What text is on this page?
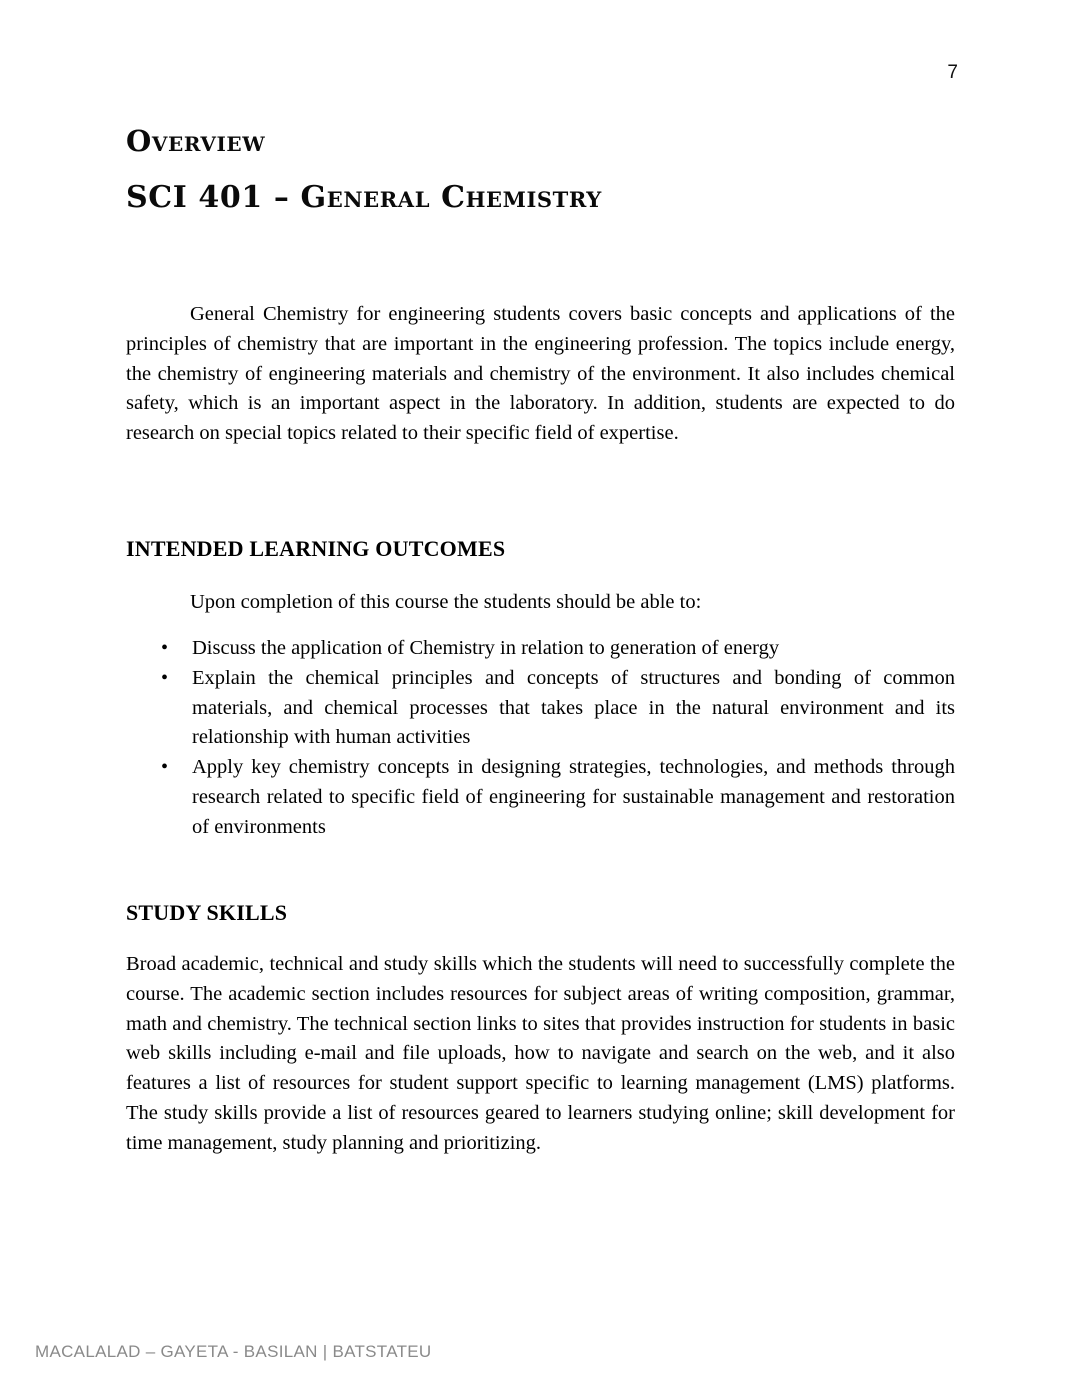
7
Overview
SCI 401 – General Chemistry

General Chemistry for engineering students covers basic concepts and applications of the principles of chemistry that are important in the engineering profession. The topics include energy, the chemistry of engineering materials and chemistry of the environment. It also includes chemical safety, which is an important aspect in the laboratory. In addition, students are expected to do research on special topics related to their specific field of expertise.

INTENDED LEARNING OUTCOMES

Upon completion of this course the students should be able to:

• Discuss the application of Chemistry in relation to generation of energy
• Explain the chemical principles and concepts of structures and bonding of common materials, and chemical processes that takes place in the natural environment and its relationship with human activities
• Apply key chemistry concepts in designing strategies, technologies, and methods through research related to specific field of engineering for sustainable management and restoration of environments
STUDY SKILLS

Broad academic, technical and study skills which the students will need to successfully complete the course. The academic section includes resources for subject areas of writing composition, grammar, math and chemistry. The technical section links to sites that provides instruction for students in basic web skills including e-mail and file uploads, how to navigate and search on the web, and it also features a list of resources for student support specific to learning management (LMS) platforms. The study skills provide a list of resources geared to learners studying online; skill development for time management, study planning and prioritizing.

MACALALAD – GAYETA - BASILAN | BATSTATEU
